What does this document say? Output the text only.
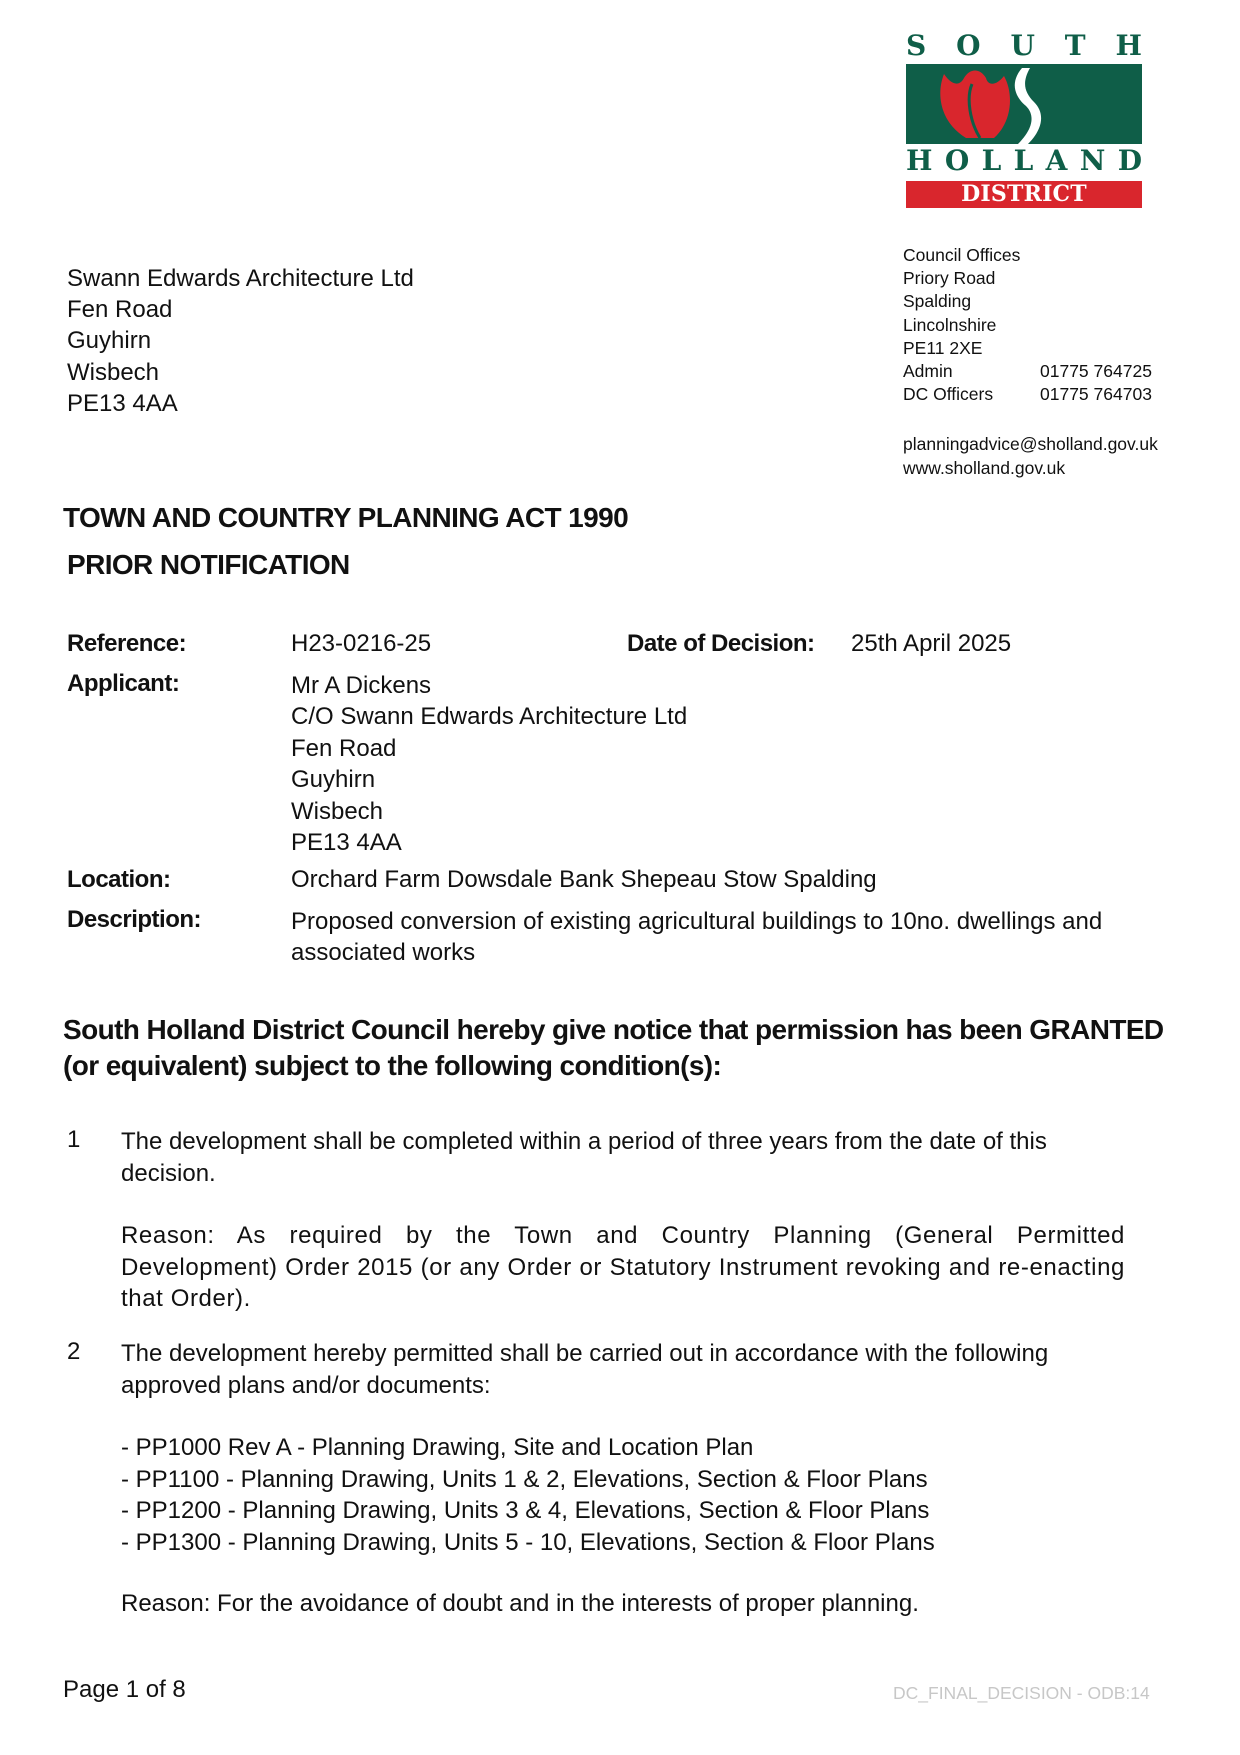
S O U T H
H O L L A N D
DISTRICT COUNCIL
Council Offices
Priory Road
Spalding
Lincolnshire
PE11 2XE
Admin	01775 764725
DC Officers	01775 764703
planningadvice@sholland.gov.uk
www.sholland.gov.uk
Swann Edwards Architecture Ltd
Fen Road
Guyhirn
Wisbech
PE13 4AA
TOWN AND COUNTRY PLANNING ACT 1990
PRIOR NOTIFICATION
Reference:	H23-0216-25	Date of Decision: 25th April 2025
Applicant:	Mr A Dickens
C/O Swann Edwards Architecture Ltd
Fen Road
Guyhirn
Wisbech
PE13 4AA
Location:	Orchard Farm Dowsdale Bank Shepeau Stow Spalding
Description:	Proposed conversion of existing agricultural buildings to 10no. dwellings and associated works
South Holland District Council hereby give notice that permission has been GRANTED (or equivalent) subject to the following condition(s):
1 The development shall be completed within a period of three years from the date of this decision.
Reason: As required by the Town and Country Planning (General Permitted Development) Order 2015 (or any Order or Statutory Instrument revoking and re-enacting that Order).
2 The development hereby permitted shall be carried out in accordance with the following approved plans and/or documents:
- PP1000 Rev A - Planning Drawing, Site and Location Plan
- PP1100 - Planning Drawing, Units 1 & 2, Elevations, Section & Floor Plans
- PP1200 - Planning Drawing, Units 3 & 4, Elevations, Section & Floor Plans
- PP1300 - Planning Drawing, Units 5 - 10, Elevations, Section & Floor Plans
Reason: For the avoidance of doubt and in the interests of proper planning.
Page 1 of 8	DC_FINAL_DECISION - ODB:14
